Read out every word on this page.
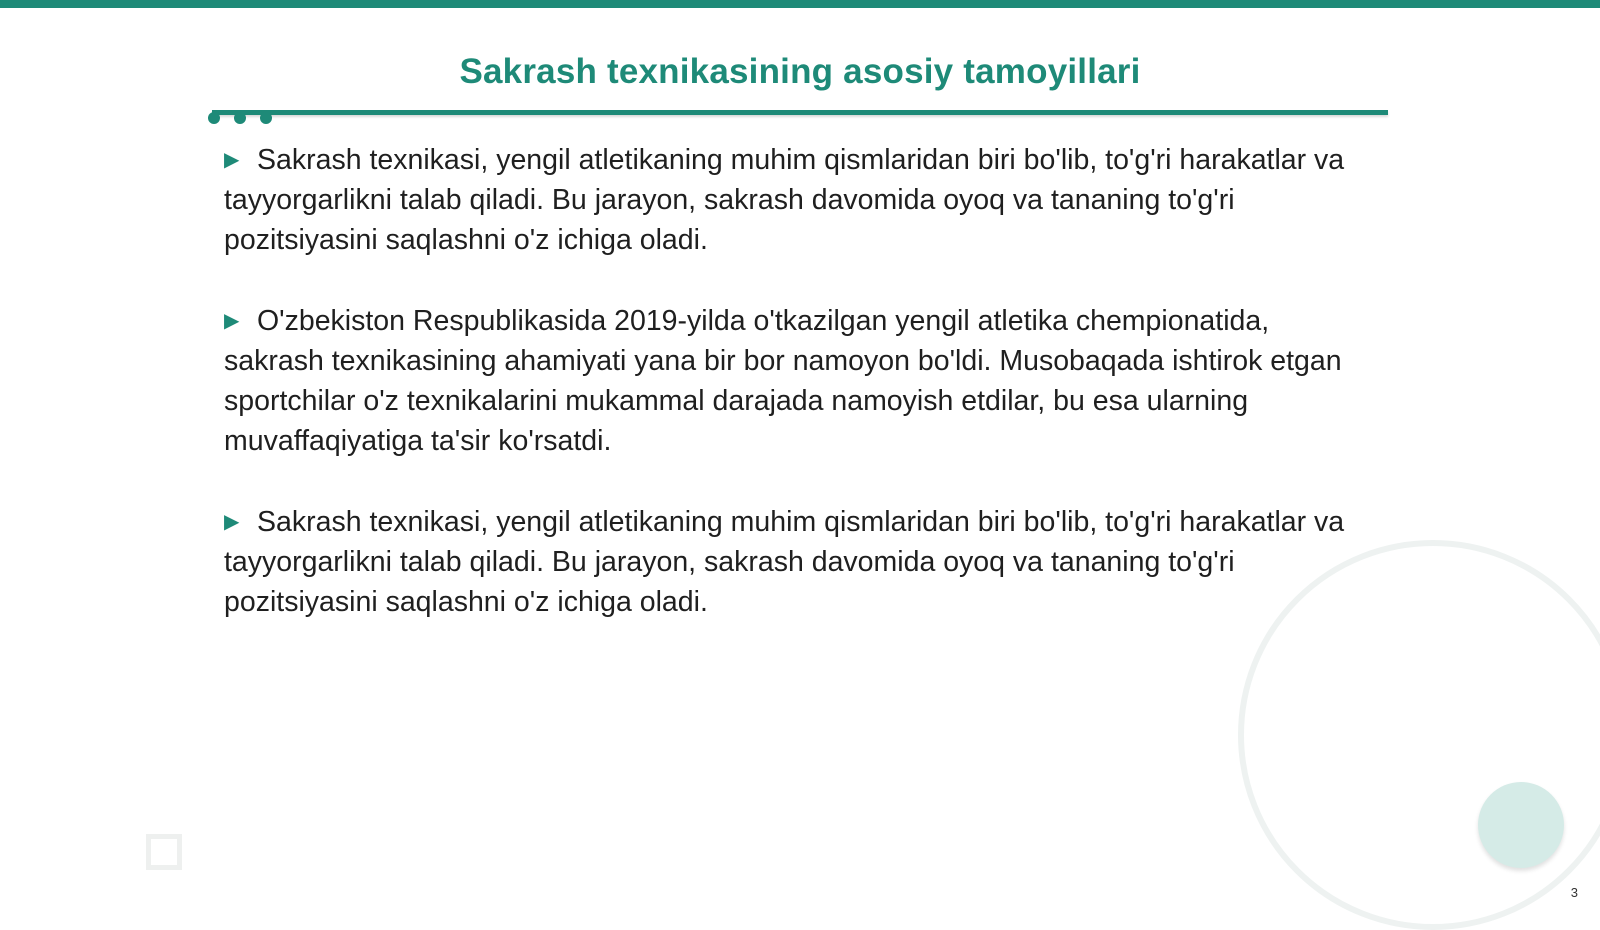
Sakrash texnikasining asosiy tamoyillari

▶ Sakrash texnikasi, yengil atletikaning muhim qismlaridan biri bo'lib, to'g'ri harakatlar va tayyorgarlikni talab qiladi. Bu jarayon, sakrash davomida oyoq va tananing to'g'ri pozitsiyasini saqlashni o'z ichiga oladi.

▶ O'zbekiston Respublikasida 2019-yilda o'tkazilgan yengil atletika chempionatida, sakrash texnikasining ahamiyati yana bir bor namoyon bo'ldi. Musobaqada ishtirok etgan sportchilar o'z texnikalarini mukammal darajada namoyish etdilar, bu esa ularning muvaffaqiyatiga ta'sir ko'rsatdi.

▶ Sakrash texnikasi, yengil atletikaning muhim qismlaridan biri bo'lib, to'g'ri harakatlar va tayyorgarlikni talab qiladi. Bu jarayon, sakrash davomida oyoq va tananing to'g'ri pozitsiyasini saqlashni o'z ichiga oladi.

3
